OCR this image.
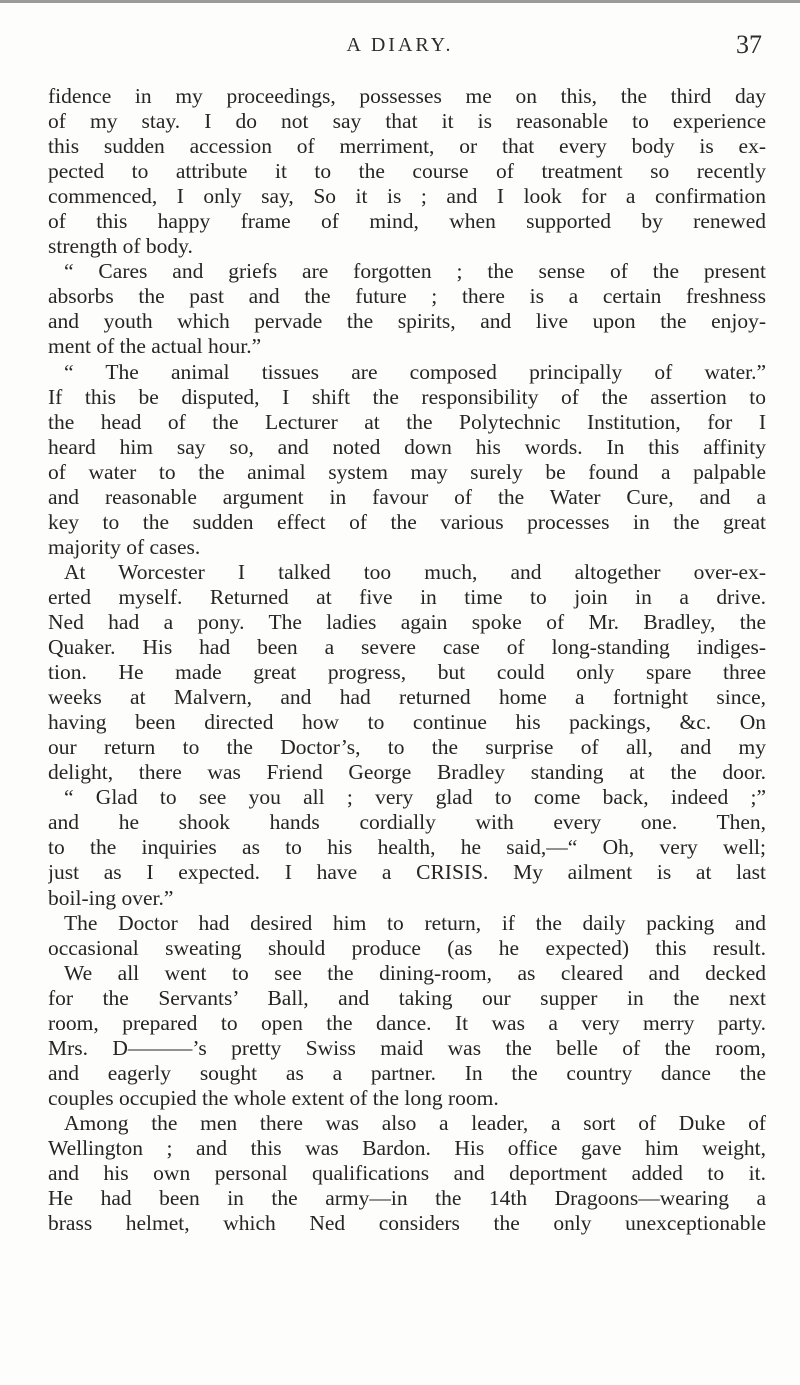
A DIARY.	37
fidence in my proceedings, possesses me on this, the third day
of my stay. I do not say that it is reasonable to experience
this sudden accession of merriment, or that every body is ex-
pected to attribute it to the course of treatment so recently
commenced, I only say, So it is ; and I look for a confirmation
of this happy frame of mind, when supported by renewed
strength of body.
“ Cares and griefs are forgotten ; the sense of the present
absorbs the past and the future ; there is a certain freshness
and youth which pervade the spirits, and live upon the enjoy-
ment of the actual hour.”
“ The animal tissues are composed principally of water.”
If this be disputed, I shift the responsibility of the assertion to
the head of the Lecturer at the Polytechnic Institution, for I
heard him say so, and noted down his words. In this affinity
of water to the animal system may surely be found a palpable
and reasonable argument in favour of the Water Cure, and a
key to the sudden effect of the various processes in the great
majority of cases.
At Worcester I talked too much, and altogether over-ex-
erted myself. Returned at five in time to join in a drive.
Ned had a pony. The ladies again spoke of Mr. Bradley, the
Quaker. His had been a severe case of long-standing indiges-
tion. He made great progress, but could only spare three
weeks at Malvern, and had returned home a fortnight since,
having been directed how to continue his packings, &c. On
our return to the Doctor’s, to the surprise of all, and my
delight, there was Friend George Bradley standing at the door.
“ Glad to see you all ; very glad to come back, indeed ;”
and he shook hands cordially with every one. Then,
to the inquiries as to his health, he said,—“ Oh, very well;
just as I expected. I have a CRISIS. My ailment is at last
boil-ing over.”
The Doctor had desired him to return, if the daily packing and
occasional sweating should produce (as he expected) this result.
We all went to see the dining-room, as cleared and decked
for the Servants’ Ball, and taking our supper in the next
room, prepared to open the dance. It was a very merry party.
Mrs. D———’s pretty Swiss maid was the belle of the room,
and eagerly sought as a partner. In the country dance the
couples occupied the whole extent of the long room.
Among the men there was also a leader, a sort of Duke of
Wellington ; and this was Bardon. His office gave him weight,
and his own personal qualifications and deportment added to it.
He had been in the army—in the 14th Dragoons—wearing a
brass helmet, which Ned considers the only unexceptionable
